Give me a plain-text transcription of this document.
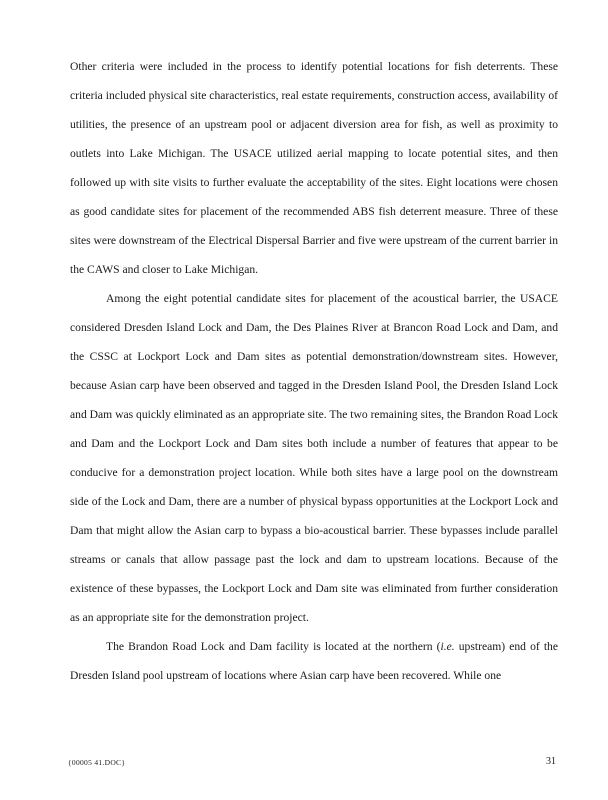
Other criteria were included in the process to identify potential locations for fish deterrents. These criteria included physical site characteristics, real estate requirements, construction access, availability of utilities, the presence of an upstream pool or adjacent diversion area for fish, as well as proximity to outlets into Lake Michigan. The USACE utilized aerial mapping to locate potential sites, and then followed up with site visits to further evaluate the acceptability of the sites. Eight locations were chosen as good candidate sites for placement of the recommended ABS fish deterrent measure. Three of these sites were downstream of the Electrical Dispersal Barrier and five were upstream of the current barrier in the CAWS and closer to Lake Michigan.

Among the eight potential candidate sites for placement of the acoustical barrier, the USACE considered Dresden Island Lock and Dam, the Des Plaines River at Brancon Road Lock and Dam, and the CSSC at Lockport Lock and Dam sites as potential demonstration/downstream sites. However, because Asian carp have been observed and tagged in the Dresden Island Pool, the Dresden Island Lock and Dam was quickly eliminated as an appropriate site. The two remaining sites, the Brandon Road Lock and Dam and the Lockport Lock and Dam sites both include a number of features that appear to be conducive for a demonstration project location. While both sites have a large pool on the downstream side of the Lock and Dam, there are a number of physical bypass opportunities at the Lockport Lock and Dam that might allow the Asian carp to bypass a bio-acoustical barrier. These bypasses include parallel streams or canals that allow passage past the lock and dam to upstream locations. Because of the existence of these bypasses, the Lockport Lock and Dam site was eliminated from further consideration as an appropriate site for the demonstration project.

The Brandon Road Lock and Dam facility is located at the northern (i.e. upstream) end of the Dresden Island pool upstream of locations where Asian carp have been recovered. While one

{00005 41.DOC}	31
